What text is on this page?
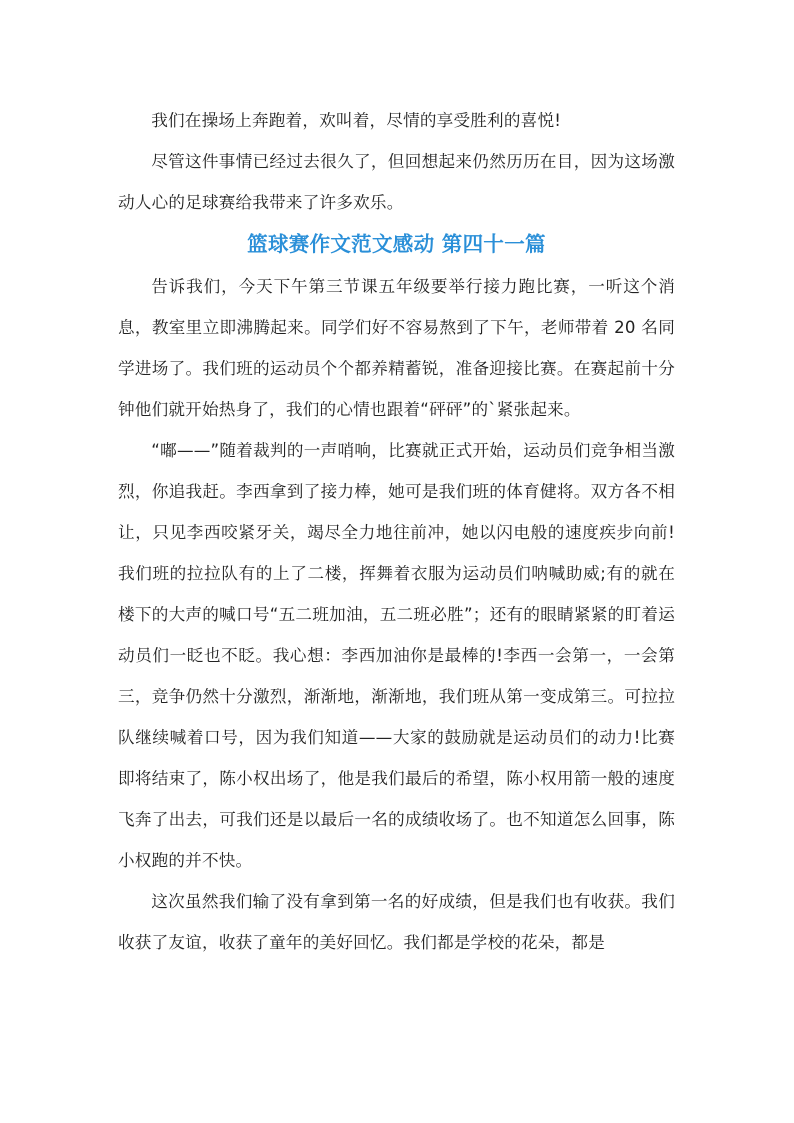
我们在操场上奔跑着，欢叫着，尽情的享受胜利的喜悦!

尽管这件事情已经过去很久了，但回想起来仍然历历在目，因为这场激动人心的足球赛给我带来了许多欢乐。

篮球赛作文范文感动 第四十一篇

告诉我们，今天下午第三节课五年级要举行接力跑比赛，一听这个消息，教室里立即沸腾起来。同学们好不容易熬到了下午，老师带着 20 名同学进场了。我们班的运动员个个都养精蓄锐，准备迎接比赛。在赛起前十分钟他们就开始热身了，我们的心情也跟着“砰砰”的`紧张起来。

“嘟——”随着裁判的一声哨响，比赛就正式开始，运动员们竞争相当激烈，你追我赶。李西拿到了接力棒，她可是我们班的体育健将。双方各不相让，只见李西咬紧牙关，竭尽全力地往前冲，她以闪电般的速度疾步向前!我们班的拉拉队有的上了二楼，挥舞着衣服为运动员们呐喊助威;有的就在楼下的大声的喊口号“五二班加油，五二班必胜”；还有的眼睛紧紧的盯着运动员们一眨也不眨。我心想：李西加油你是最棒的!李西一会第一，一会第三，竞争仍然十分激烈，渐渐地，渐渐地，我们班从第一变成第三。可拉拉队继续喊着口号，因为我们知道——大家的鼓励就是运动员们的动力!比赛即将结束了，陈小权出场了，他是我们最后的希望，陈小权用箭一般的速度飞奔了出去，可我们还是以最后一名的成绩收场了。也不知道怎么回事，陈小权跑的并不快。

这次虽然我们输了没有拿到第一名的好成绩，但是我们也有收获。我们收获了友谊，收获了童年的美好回忆。我们都是学校的花朵，都是
